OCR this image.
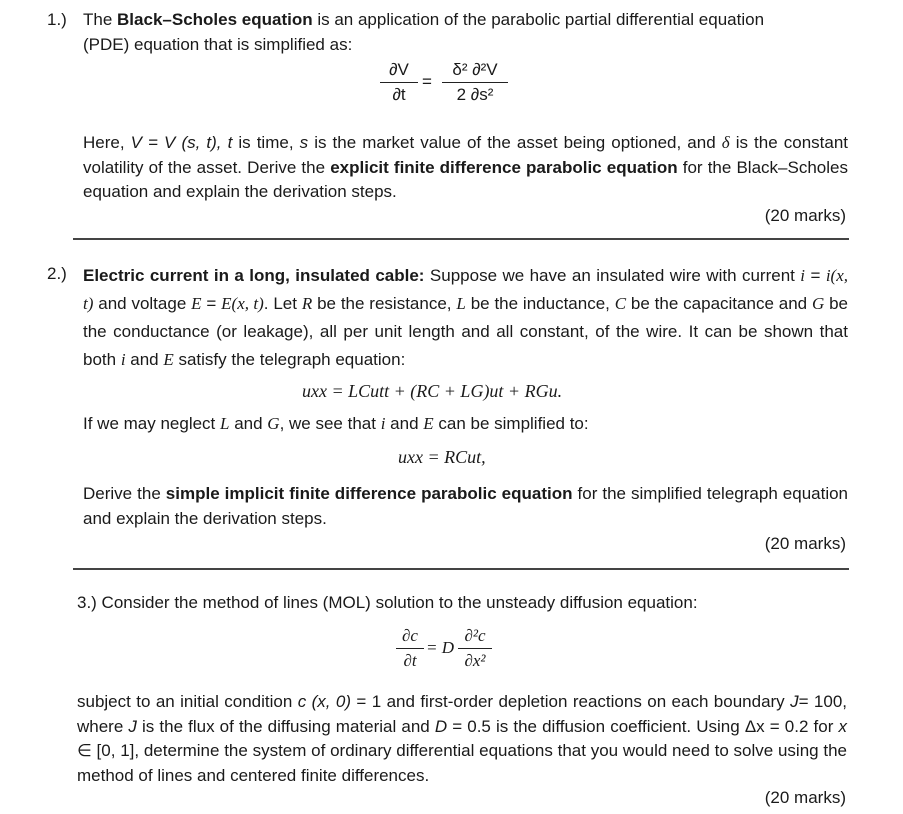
1.) The Black–Scholes equation is an application of the parabolic partial differential equation
(PDE) equation that is simplified as:
$\frac{\partial V}{\partial t} = \frac{\text{δ² ∂²V}}{\text{2 ∂s²}}$
Here, V = V (s, t), t is time, s is the market value of the asset being optioned, and δ is the constant volatility of the asset. Derive the explicit finite difference parabolic equation for the Black–Scholes equation and explain the derivation steps.
(20 marks)
2.) Electric current in a long, insulated cable: Suppose we have an insulated wire with current i = i(x, t) and voltage E = E(x, t). Let R be the resistance, L be the inductance, C be the capacitance and G be the conductance (or leakage), all per unit length and all constant, of the wire. It can be shown that both i and E satisfy the telegraph equation:
uxx = LCutt + (RC + LG)ut + RGu.
If we may neglect L and G, we see that i and E can be simplified to:
uxx = RCut,
Derive the simple implicit finite difference parabolic equation for the simplified telegraph equation and explain the derivation steps.
(20 marks)
3.) Consider the method of lines (MOL) solution to the unsteady diffusion equation:
$\frac{\partial c}{\partial t} = D \frac{\text{∂²c}}{\text{∂x²}}$
subject to an initial condition c (x, 0) = 1 and first-order depletion reactions on each boundary J= 100, where J is the flux of the diffusing material and D = 0.5 is the diffusion coefficient. Using Δx = 0.2 for x ∈ [0, 1], determine the system of ordinary differential equations that you would need to solve using the method of lines and centered finite differences.
(20 marks)
